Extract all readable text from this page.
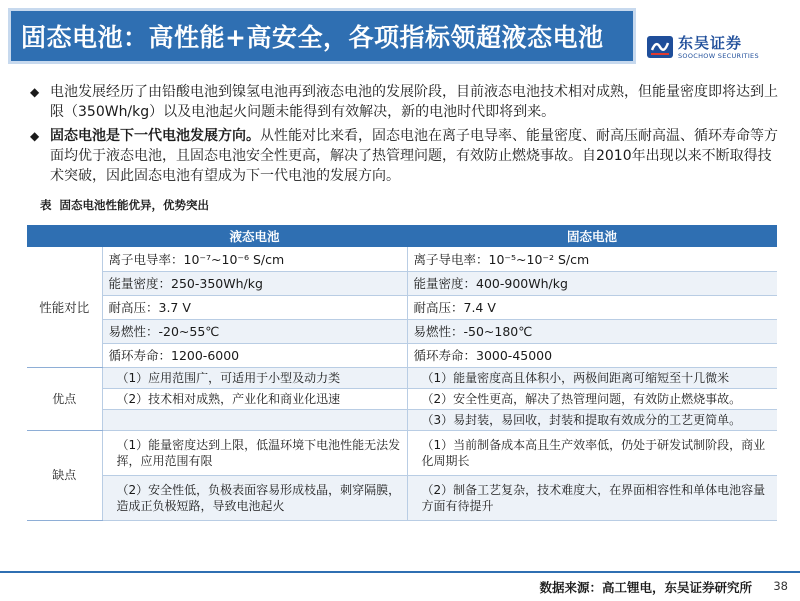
固态电池：高性能+高安全，各项指标领超液态电池	东吴证券
SOOCHOW SECURITIES
◆ 电池发展经历了由铅酸电池到镍氢电池再到液态电池的发展阶段，目前液态电池技术相对成熟，但能量密度即将达到上限（350Wh/kg）以及电池起火问题未能得到有效解决，新的电池时代即将到来。
◆ 固态电池是下一代电池发展方向。从性能对比来看，固态电池在离子电导率、能量密度、耐高压耐高温、循环寿命等方面均优于液态电池，且固态电池安全性更高，解决了热管理问题，有效防止燃烧事故。自2010年出现以来不断取得技术突破，因此固态电池有望成为下一代电池的发展方向。
表 固态电池性能优异，优势突出
	液态电池	固态电池
性能对比	离子电导率：10⁻⁷~10⁻⁶ S/cm	离子导电率：10⁻⁵~10⁻² S/cm
	能量密度：250-350Wh/kg	能量密度：400-900Wh/kg
	耐高压：3.7 V	耐高压：7.4 V
	易燃性：-20~55℃	易燃性：-50~180℃
	循环寿命：1200-6000	循环寿命：3000-45000
优点	（1）应用范围广，可适用于小型及动力类	（1）能量密度高且体积小，两极间距离可缩短至十几微米
	（2）技术相对成熟，产业化和商业化迅速	（2）安全性更高，解决了热管理问题，有效防止燃烧事故。
		（3）易封装，易回收，封装和提取有效成分的工艺更简单。
缺点	（1）能量密度达到上限，低温环境下电池性能无法发挥，应用范围有限	（1）当前制备成本高且生产效率低，仍处于研发试制阶段，商业化周期长
	（2）安全性低，负极表面容易形成枝晶，刺穿隔膜，造成正负极短路，导致电池起火	（2）制备工艺复杂，技术难度大，在界面相容性和单体电池容量方面有待提升
数据来源：高工锂电，东吴证券研究所 38
